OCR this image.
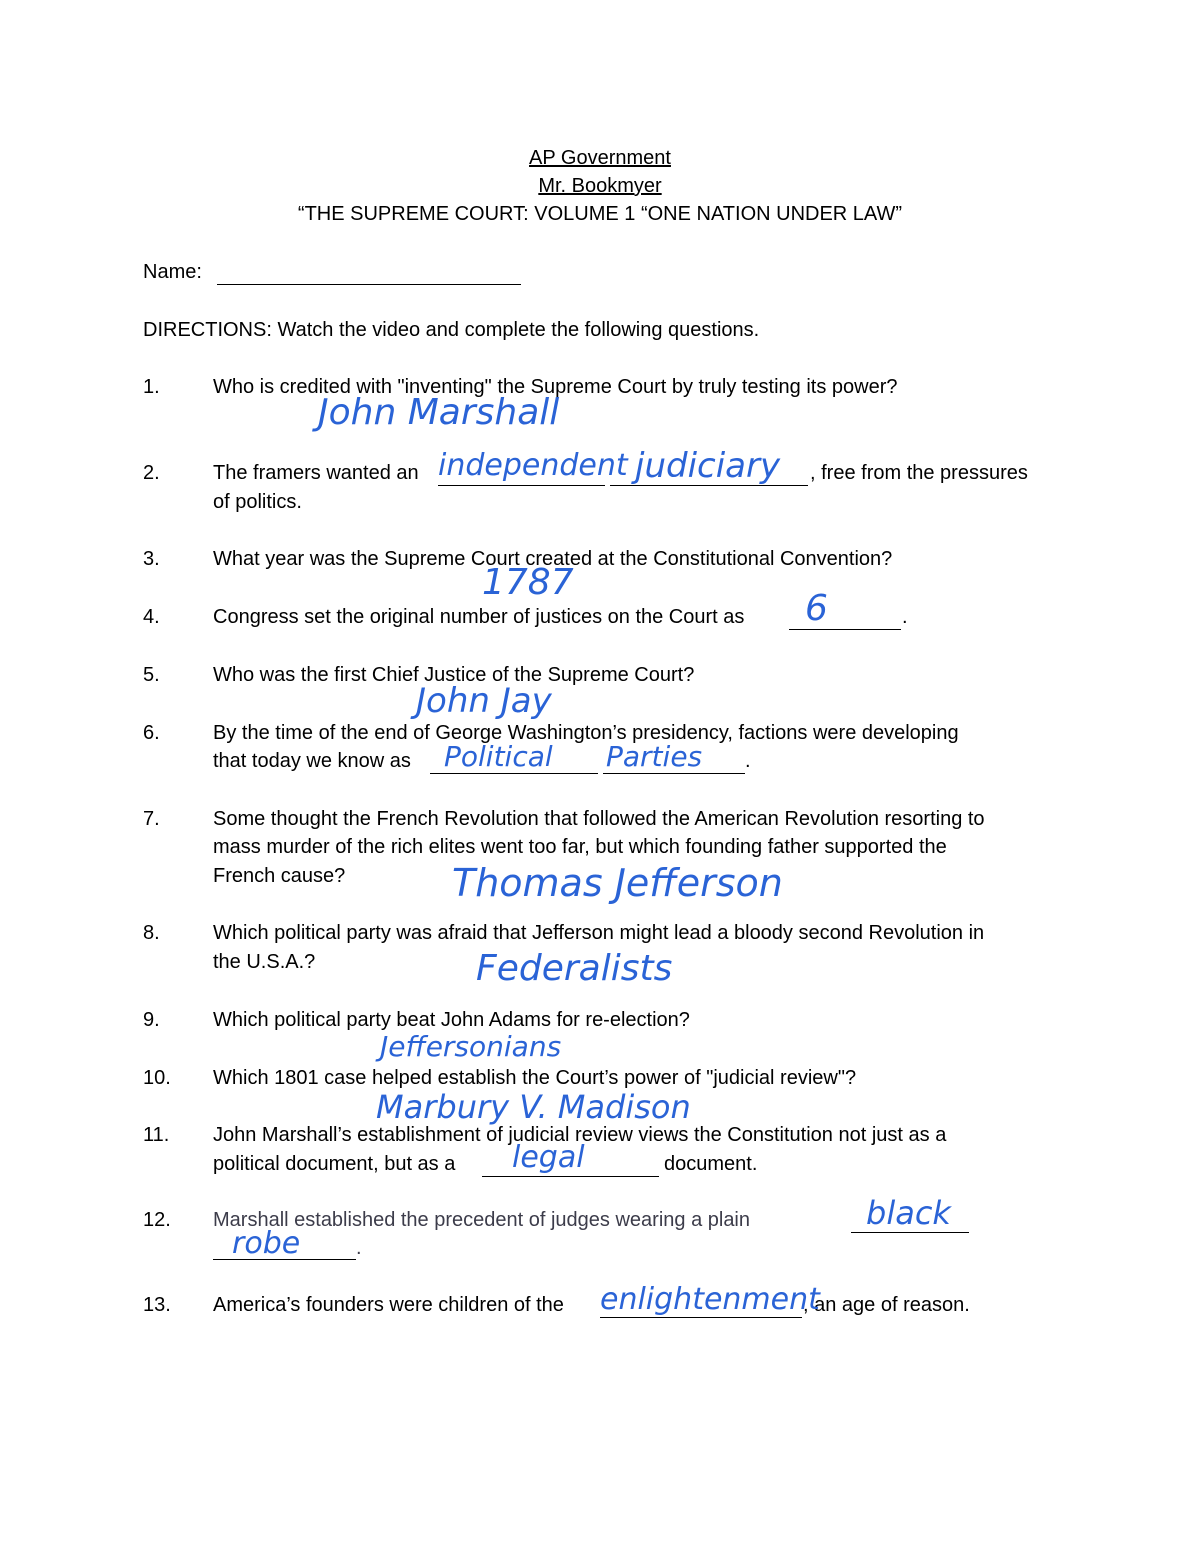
AP Government
Mr. Bookmyer
“THE SUPREME COURT: VOLUME 1 “ONE NATION UNDER LAW”
Name:
DIRECTIONS: Watch the video and complete the following questions.
1.	Who is credited with "inventing" the Supreme Court by truly testing its power?
John Marshall
2.	The framers wanted an	, free from the pressures
of politics.
independent judiciary
3.	What year was the Supreme Court created at the Constitutional Convention?
1787
4.	Congress set the original number of justices on the Court as	.
6
5.	Who was the first Chief Justice of the Supreme Court?
John Jay
6.	By the time of the end of George Washington’s presidency, factions were developing
that today we know as	.
Political Parties
7.	Some thought the French Revolution that followed the American Revolution resorting to
mass murder of the rich elites went too far, but which founding father supported the
French cause?	Thomas Jefferson
8.	Which political party was afraid that Jefferson might lead a bloody second Revolution in
the U.S.A.?	Federalists
9.	Which political party beat John Adams for re-election?
Jeffersonians
10. Which 1801 case helped establish the Court’s power of "judicial review"?
Marbury V. Madison
11. John Marshall’s establishment of judicial review views the Constitution not just as a
political document, but as a	document.
legal
12. Marshall established the precedent of judges wearing a plain
.
black
robe
13. America’s founders were children of the	, an age of reason.
enlightenment
